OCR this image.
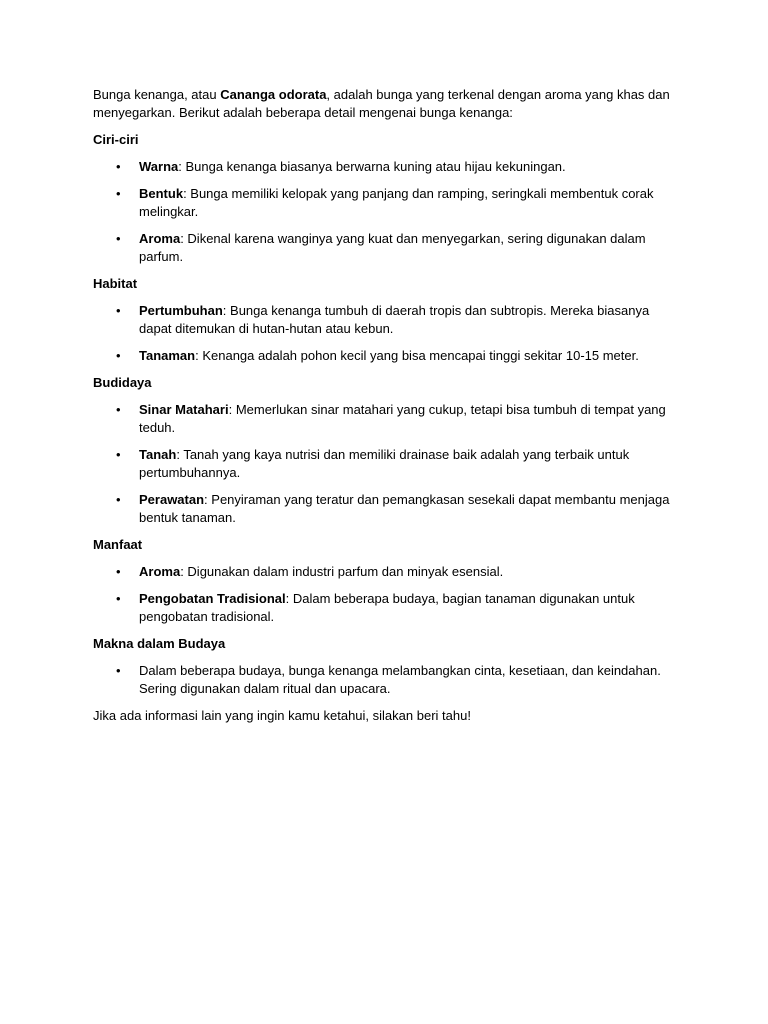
Bunga kenanga, atau Cananga odorata, adalah bunga yang terkenal dengan aroma yang khas dan menyegarkan. Berikut adalah beberapa detail mengenai bunga kenanga:

Ciri-ciri

• Warna: Bunga kenanga biasanya berwarna kuning atau hijau kekuningan.
• Bentuk: Bunga memiliki kelopak yang panjang dan ramping, seringkali membentuk corak melingkar.
• Aroma: Dikenal karena wanginya yang kuat dan menyegarkan, sering digunakan dalam parfum.

Habitat

• Pertumbuhan: Bunga kenanga tumbuh di daerah tropis dan subtropis. Mereka biasanya dapat ditemukan di hutan-hutan atau kebun.
• Tanaman: Kenanga adalah pohon kecil yang bisa mencapai tinggi sekitar 10-15 meter.

Budidaya

• Sinar Matahari: Memerlukan sinar matahari yang cukup, tetapi bisa tumbuh di tempat yang teduh.
• Tanah: Tanah yang kaya nutrisi dan memiliki drainase baik adalah yang terbaik untuk pertumbuhannya.
• Perawatan: Penyiraman yang teratur dan pemangkasan sesekali dapat membantu menjaga bentuk tanaman.

Manfaat

• Aroma: Digunakan dalam industri parfum dan minyak esensial.
• Pengobatan Tradisional: Dalam beberapa budaya, bagian tanaman digunakan untuk pengobatan tradisional.

Makna dalam Budaya

• Dalam beberapa budaya, bunga kenanga melambangkan cinta, kesetiaan, dan keindahan. Sering digunakan dalam ritual dan upacara.

Jika ada informasi lain yang ingin kamu ketahui, silakan beri tahu!
